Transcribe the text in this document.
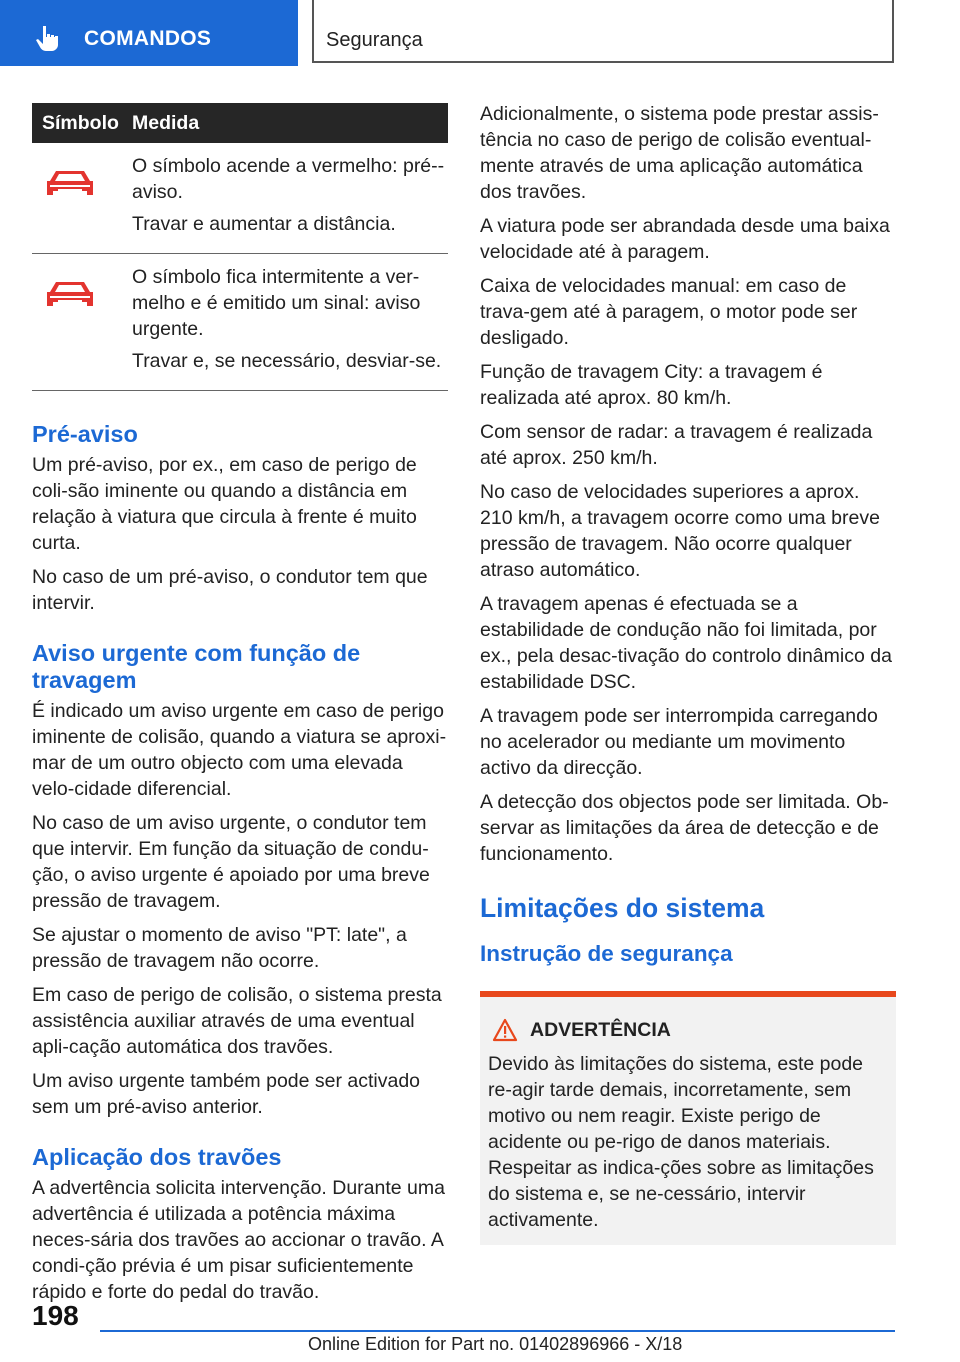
COMANDOS	Segurança
Símbolo	Medida

O símbolo acende a vermelho: pré--aviso.

Travar e aumentar a distância.

O símbolo fica intermitente a ver-melho e é emitido um sinal: aviso urgente.

Travar e, se necessário, desviar-se.

Pré-aviso

Um pré-aviso, por ex., em caso de perigo de coli-são iminente ou quando a distância em relação à viatura que circula à frente é muito curta.

No caso de um pré-aviso, o condutor tem que intervir.

Aviso urgente com função de travagem

É indicado um aviso urgente em caso de perigo iminente de colisão, quando a viatura se aproxi-mar de um outro objecto com uma elevada velo-cidade diferencial.

No caso de um aviso urgente, o condutor tem que intervir. Em função da situação de condu-ção, o aviso urgente é apoiado por uma breve pressão de travagem.

Se ajustar o momento de aviso "PT: late", a pressão de travagem não ocorre.

Em caso de perigo de colisão, o sistema presta assistência auxiliar através de uma eventual apli-cação automática dos travões.

Um aviso urgente também pode ser activado sem um pré-aviso anterior.

Aplicação dos travões

A advertência solicita intervenção. Durante uma advertência é utilizada a potência máxima neces-sária dos travões ao accionar o travão. A condi-ção prévia é um pisar suficientemente rápido e forte do pedal do travão.

Adicionalmente, o sistema pode prestar assis-tência no caso de perigo de colisão eventual-mente através de uma aplicação automática dos travões.

A viatura pode ser abrandada desde uma baixa velocidade até à paragem.

Caixa de velocidades manual: em caso de trava-gem até à paragem, o motor pode ser desligado.

Função de travagem City: a travagem é realizada até aprox. 80 km/h.

Com sensor de radar: a travagem é realizada até aprox. 250 km/h.

No caso de velocidades superiores a aprox. 210 km/h, a travagem ocorre como uma breve pressão de travagem. Não ocorre qualquer atraso automático.

A travagem apenas é efectuada se a estabilidade de condução não foi limitada, por ex., pela desac-tivação do controlo dinâmico da estabilidade DSC.

A travagem pode ser interrompida carregando no acelerador ou mediante um movimento activo da direcção.

A detecção dos objectos pode ser limitada. Ob-servar as limitações da área de detecção e de funcionamento.

Limitações do sistema
Instrução de segurança
ADVERTÊNCIA

Devido às limitações do sistema, este pode re-agir tarde demais, incorretamente, sem motivo ou nem reagir. Existe perigo de acidente ou pe-rigo de danos materiais. Respeitar as indica-ções sobre as limitações do sistema e, se ne-cessário, intervir activamente.

198
Online Edition for Part no. 01402896966 - X/18
